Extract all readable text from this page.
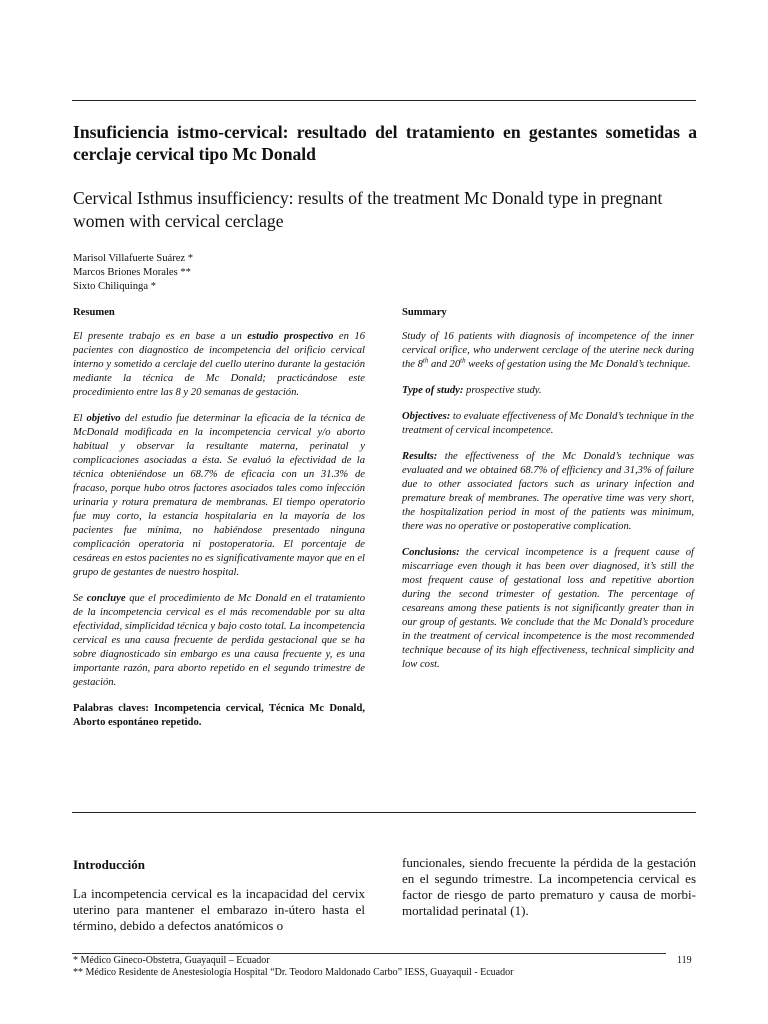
Insuficiencia istmo-cervical: resultado del tratamiento en gestantes sometidas a cerclaje cervical tipo Mc Donald
Cervical Isthmus insufficiency: results of the treatment Mc Donald type in pregnant women with cervical cerclage
Marisol Villafuerte Suárez *
Marcos Briones Morales **
Sixto Chiliquinga *

Resumen

El presente trabajo es en base a un estudio prospectivo en 16 pacientes con diagnostico de incompetencia del orificio cervical interno y sometido a cerclaje del cuello uterino durante la gestación mediante la técnica de Mc Donald; practicándose este procedimiento entre las 8 y 20 semanas de gestación.

El objetivo del estudio fue determinar la eficacia de la técnica de McDonald modificada en la incompetencia cervical y/o aborto habitual y observar la resultante materna, perinatal y complicaciones asociadas a ésta. Se evaluó la efectividad de la técnica obteniéndose un 68.7% de eficacia con un 31.3% de fracaso, porque hubo otros factores asociados tales como infección urinaria y rotura prematura de membranas. El tiempo operatorio fue muy corto, la estancia hospitalaria en la mayoría de los pacientes fue mínima, no habiéndose presentado ninguna complicación operatoria ni postoperatoria. El porcentaje de cesáreas en estos pacientes no es significativamente mayor que en el grupo de gestantes de nuestro hospital.

Se concluye que el procedimiento de Mc Donald en el tratamiento de la incompetencia cervical es el más recomendable por su alta efectividad, simplicidad técnica y bajo costo total. La incompetencia cervical es una causa frecuente de perdida gestacional que se ha sobre diagnosticado sin embargo es una causa frecuente y, es una importante razón, para aborto repetido en el segundo trimestre de gestación.

Palabras claves: Incompetencia cervical, Técnica Mc Donald, Aborto espontáneo repetido.

Summary

Study of 16 patients with diagnosis of incompetence of the inner cervical orifice, who underwent cerclage of the uterine neck during the 8th and 20th weeks of gestation using the Mc Donald’s technique.

Type of study: prospective study.

Objectives: to evaluate effectiveness of Mc Donald’s technique in the treatment of cervical incompetence.

Results: the effectiveness of the Mc Donald’s technique was evaluated and we obtained 68.7% of efficiency and 31,3% of failure due to other associated factors such as urinary infection and premature break of membranes. The operative time was very short, the hospitalization period in most of the patients was minimum, there was no operative or postoperative complication.

Conclusions: the cervical incompetence is a frequent cause of miscarriage even though it has been over diagnosed, it’s still the most frequent cause of gestational loss and repetitive abortion during the second trimester of gestation. The percentage of cesareans among these patients is not significantly greater than in our group of gestants. We conclude that the Mc Donald’s procedure in the treatment of cervical incompetence is the most recommended technique because of its high effectiveness, technical simplicity and low cost.

Introducción

La incompetencia cervical es la incapacidad del cervix uterino para mantener el embarazo in-útero hasta el término, debido a defectos anatómicos o

funcionales, siendo frecuente la pérdida de la gestación en el segundo trimestre. La incompetencia cervical es factor de riesgo de parto prematuro y causa de morbi-mortalidad perinatal (1).

* Médico Gineco-Obstetra, Guayaquil – Ecuador
** Médico Residente de Anestesiología Hospital “Dr. Teodoro Maldonado Carbo” IESS, Guayaquil - Ecuador
119
